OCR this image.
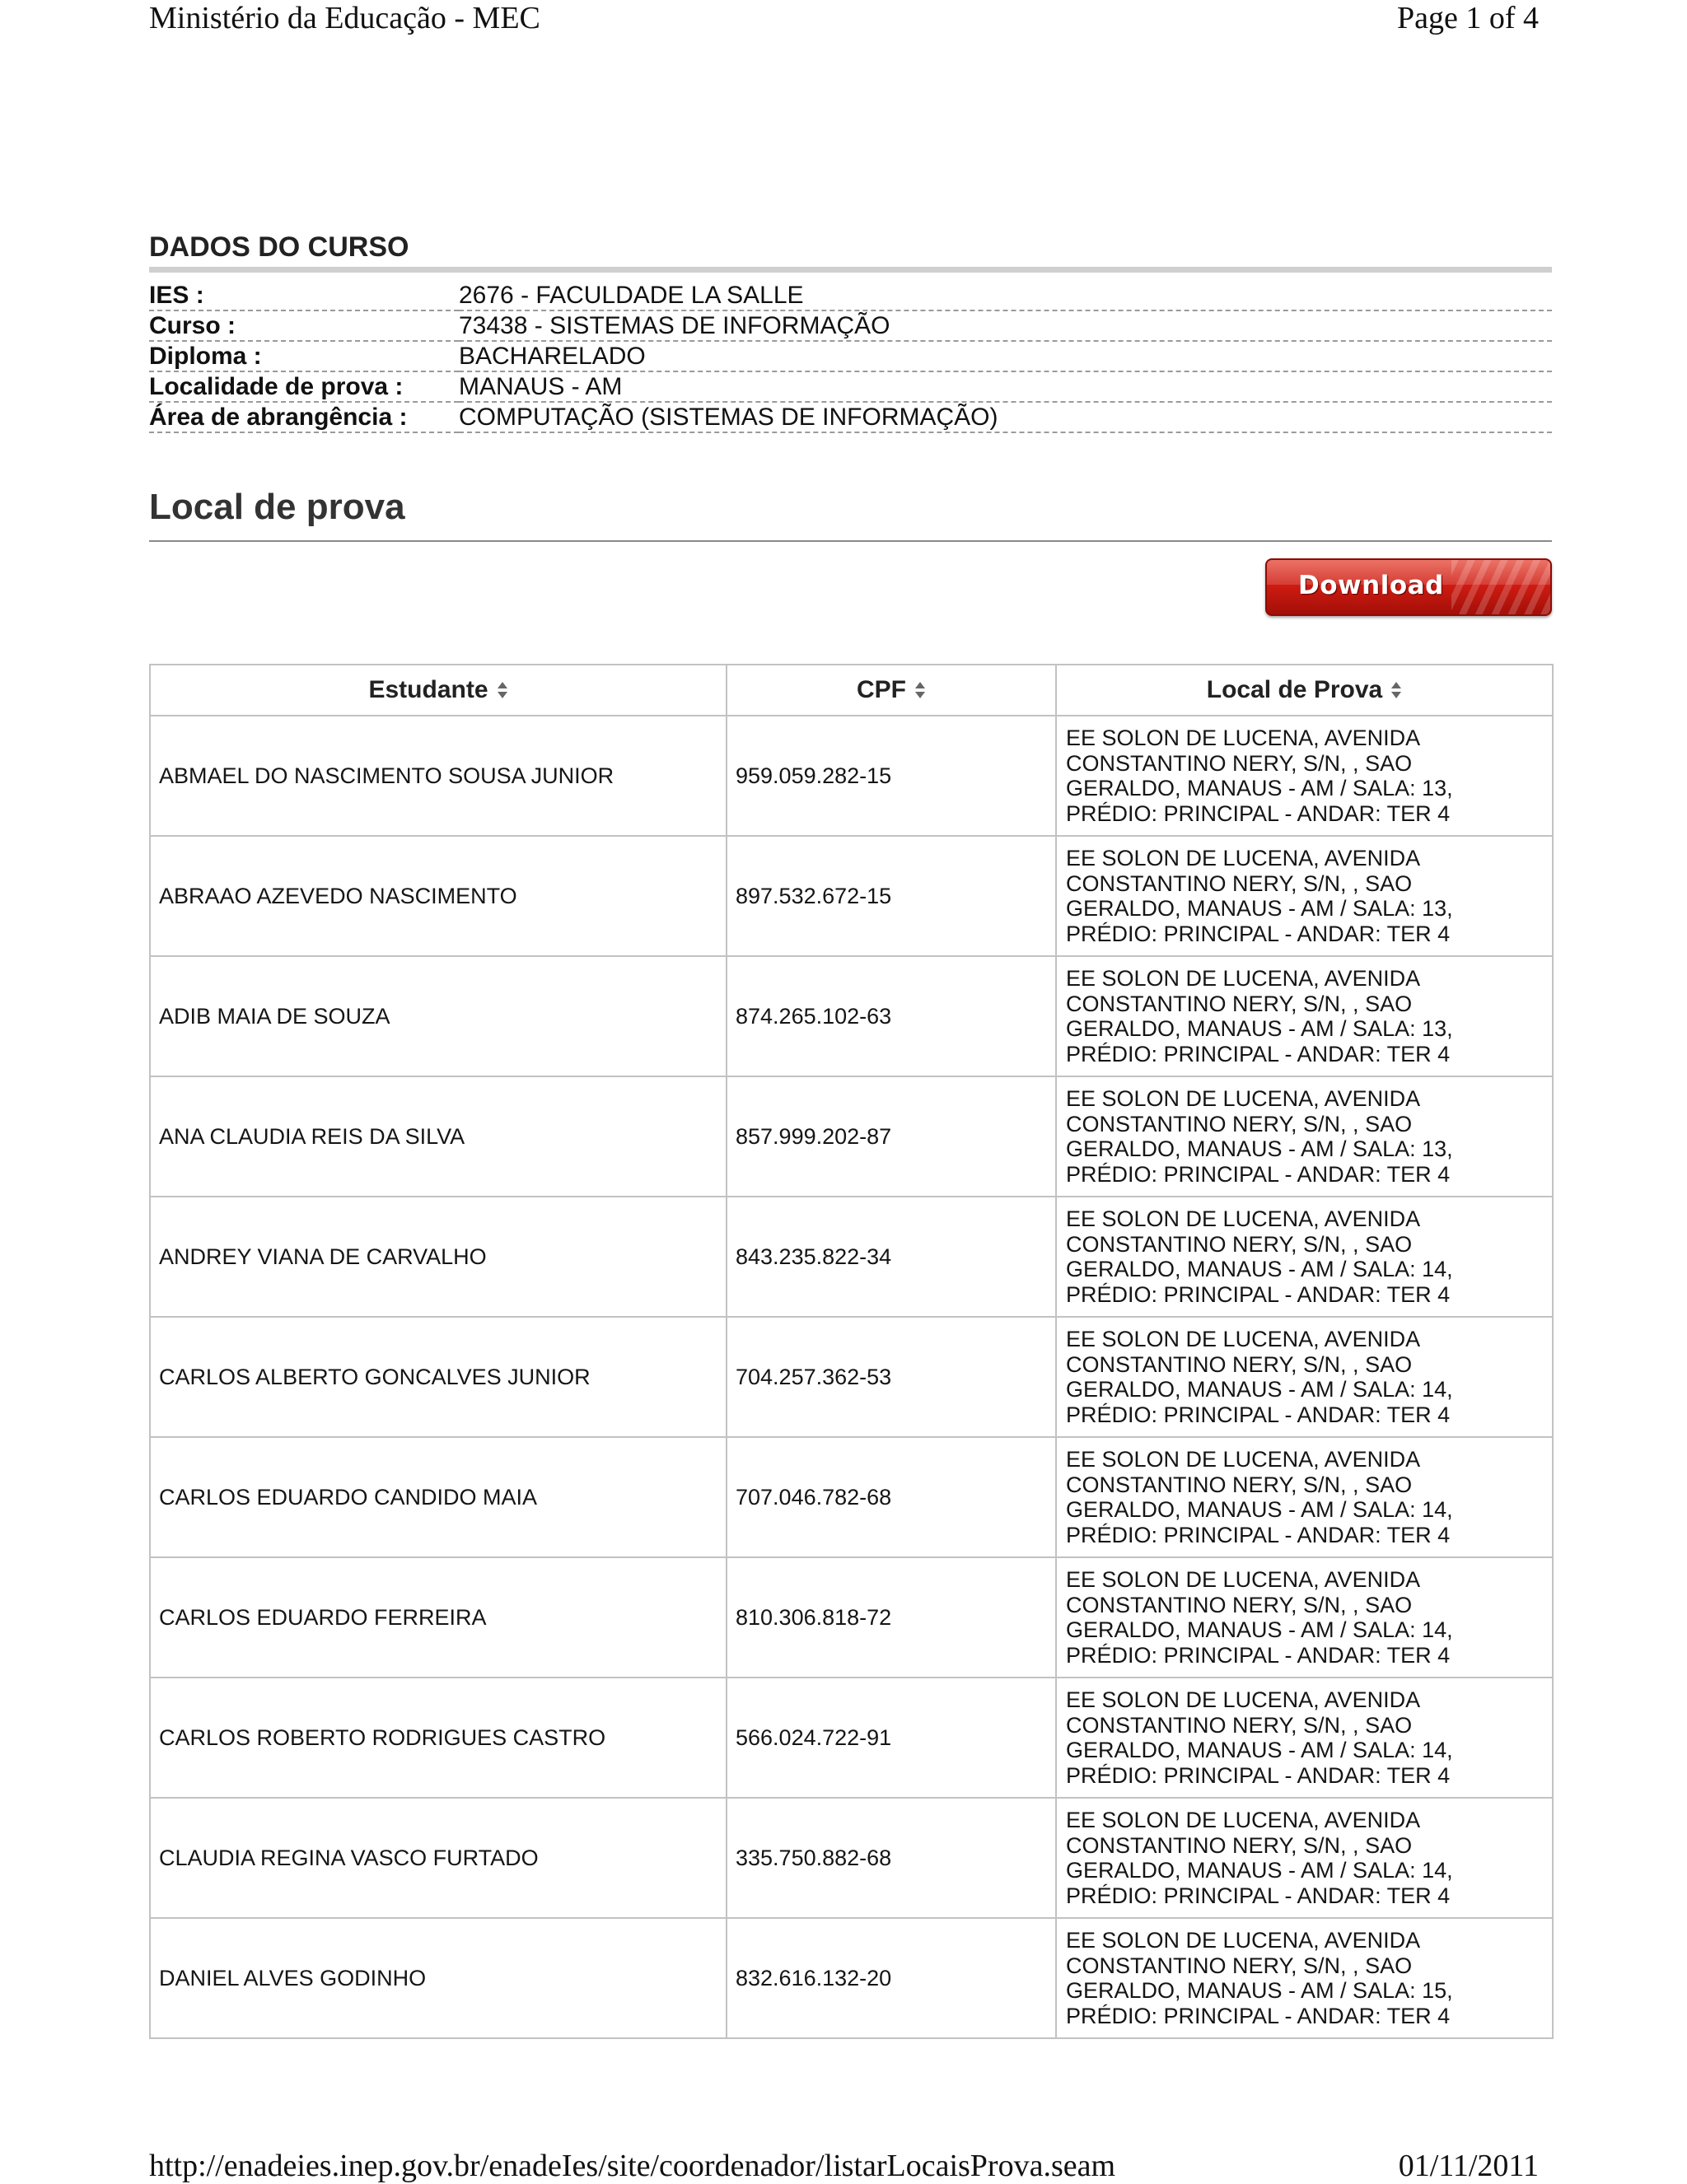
Ministério da Educação - MEC	Page 1 of 4
DADOS DO CURSO
IES :	2676 - FACULDADE LA SALLE
Curso :	73438 - SISTEMAS DE INFORMAÇÃO
Diploma :	BACHARELADO
Localidade de prova :	MANAUS - AM
Área de abrangência :	COMPUTAÇÃO (SISTEMAS DE INFORMAÇÃO)
Local de prova
Download
Estudante	CPF	Local de Prova

ABMAEL DO NASCIMENTO SOUSA JUNIOR	959.059.282-15	EE SOLON DE LUCENA, AVENIDA
CONSTANTINO NERY, S/N, , SAO
GERALDO, MANAUS - AM / SALA: 13,
PRÉDIO: PRINCIPAL - ANDAR: TER 4

ABRAAO AZEVEDO NASCIMENTO	897.532.672-15	EE SOLON DE LUCENA, AVENIDA
CONSTANTINO NERY, S/N, , SAO
GERALDO, MANAUS - AM / SALA: 13,
PRÉDIO: PRINCIPAL - ANDAR: TER 4

ADIB MAIA DE SOUZA	874.265.102-63	EE SOLON DE LUCENA, AVENIDA
CONSTANTINO NERY, S/N, , SAO
GERALDO, MANAUS - AM / SALA: 13,
PRÉDIO: PRINCIPAL - ANDAR: TER 4

ANA CLAUDIA REIS DA SILVA	857.999.202-87	EE SOLON DE LUCENA, AVENIDA
CONSTANTINO NERY, S/N, , SAO
GERALDO, MANAUS - AM / SALA: 13,
PRÉDIO: PRINCIPAL - ANDAR: TER 4

ANDREY VIANA DE CARVALHO	843.235.822-34	EE SOLON DE LUCENA, AVENIDA
CONSTANTINO NERY, S/N, , SAO
GERALDO, MANAUS - AM / SALA: 14,
PRÉDIO: PRINCIPAL - ANDAR: TER 4

CARLOS ALBERTO GONCALVES JUNIOR	704.257.362-53	EE SOLON DE LUCENA, AVENIDA
CONSTANTINO NERY, S/N, , SAO
GERALDO, MANAUS - AM / SALA: 14,
PRÉDIO: PRINCIPAL - ANDAR: TER 4

CARLOS EDUARDO CANDIDO MAIA	707.046.782-68	EE SOLON DE LUCENA, AVENIDA
CONSTANTINO NERY, S/N, , SAO
GERALDO, MANAUS - AM / SALA: 14,
PRÉDIO: PRINCIPAL - ANDAR: TER 4

CARLOS EDUARDO FERREIRA	810.306.818-72	EE SOLON DE LUCENA, AVENIDA
CONSTANTINO NERY, S/N, , SAO
GERALDO, MANAUS - AM / SALA: 14,
PRÉDIO: PRINCIPAL - ANDAR: TER 4

CARLOS ROBERTO RODRIGUES CASTRO	566.024.722-91	EE SOLON DE LUCENA, AVENIDA
CONSTANTINO NERY, S/N, , SAO
GERALDO, MANAUS - AM / SALA: 14,
PRÉDIO: PRINCIPAL - ANDAR: TER 4

CLAUDIA REGINA VASCO FURTADO	335.750.882-68	EE SOLON DE LUCENA, AVENIDA
CONSTANTINO NERY, S/N, , SAO
GERALDO, MANAUS - AM / SALA: 14,
PRÉDIO: PRINCIPAL - ANDAR: TER 4

DANIEL ALVES GODINHO	832.616.132-20	EE SOLON DE LUCENA, AVENIDA
CONSTANTINO NERY, S/N, , SAO
GERALDO, MANAUS - AM / SALA: 15,
PRÉDIO: PRINCIPAL - ANDAR: TER 4
http://enadeies.inep.gov.br/enadeIes/site/coordenador/listarLocaisProva.seam	01/11/2011
